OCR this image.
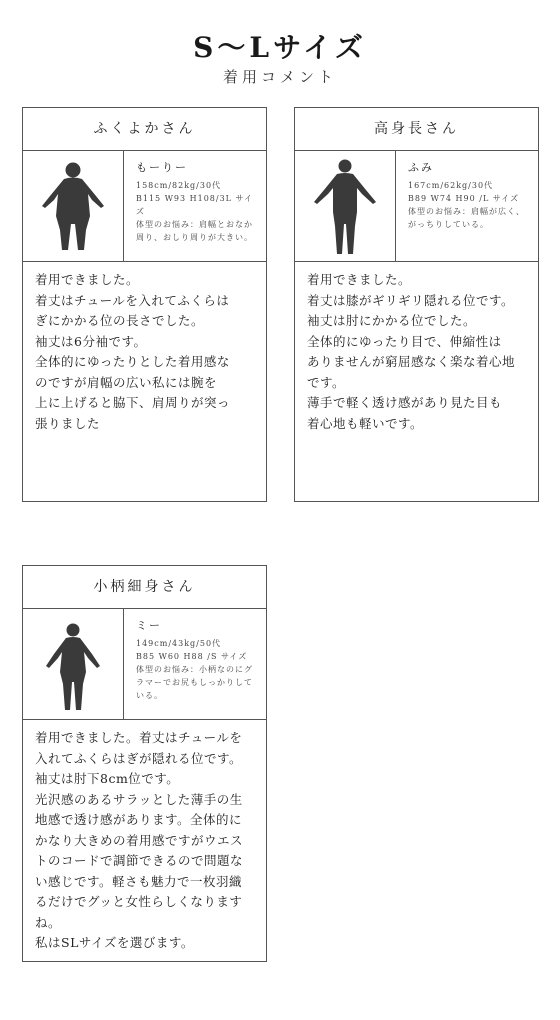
S～Lサイズ
着用コメント
ふくよかさん
もーりー
158cm/82kg/30代
B115 W93 H108/3L サイズ
体型のお悩み：肩幅とおなか周り、おしり周りが大きい。

着用できました。

着丈はチュールを入れてふくらは

ぎにかかる位の長さでした。

袖丈は6分袖です。

全体的にゆったりとした着用感な

のですが肩幅の広い私には腕を

上に上げると脇下、肩周りが突っ

張りました

高身長さん
ふみ
167cm/62kg/30代
B89 W74 H90 /L サイズ
体型のお悩み：肩幅が広く、がっちりしている。

着用できました。

着丈は膝がギリギリ隠れる位です。

袖丈は肘にかかる位でした。

全体的にゆったり目で、伸縮性は

ありませんが窮屈感なく楽な着心地

です。

薄手で軽く透け感があり見た目も

着心地も軽いです。

小柄細身さん
ミー
149cm/43kg/50代
B85 W60 H88 /S サイズ
体型のお悩み：小柄なのにグラマーでお尻もしっかりしている。

着用できました。着丈はチュールを

入れてふくらはぎが隠れる位です。

袖丈は肘下8cm位です。

光沢感のあるサラッとした薄手の生

地感で透け感があります。全体的に

かなり大きめの着用感ですがウエス

トのコードで調節できるので問題な

い感じです。軽さも魅力で一枚羽織

るだけでグッと女性らしくなります

ね。

私はSLサイズを選びます。
